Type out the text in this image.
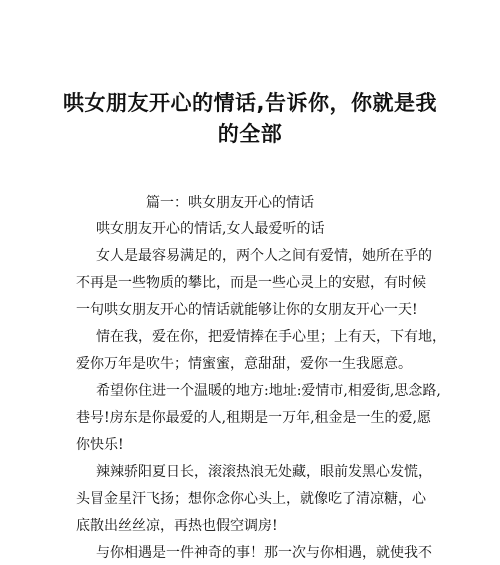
哄女朋友开心的情话,告诉你，你就是我
的全部

篇一：哄女朋友开心的情话

哄女朋友开心的情话,女人最爱听的话

女人是最容易满足的，两个人之间有爱情，她所在乎的

不再是一些物质的攀比，而是一些心灵上的安慰，有时候

一句哄女朋友开心的情话就能够让你的女朋友开心一天!

情在我，爱在你，把爱情捧在手心里；上有天，下有地，

爱你万年是吹牛；情蜜蜜，意甜甜，爱你一生我愿意。

希望你住进一个温暖的地方:地址:爱情市,相爱街,思念路,

巷号!房东是你最爱的人,租期是一万年,租金是一生的爱,愿

你快乐!

辣辣骄阳夏日长，滚滚热浪无处藏，眼前发黑心发慌，

头冒金星汗飞扬；想你念你心头上，就像吃了清凉糖，心

底散出丝丝凉，再热也假空调房!

与你相遇是一件神奇的事！那一次与你相遇，就使我不
